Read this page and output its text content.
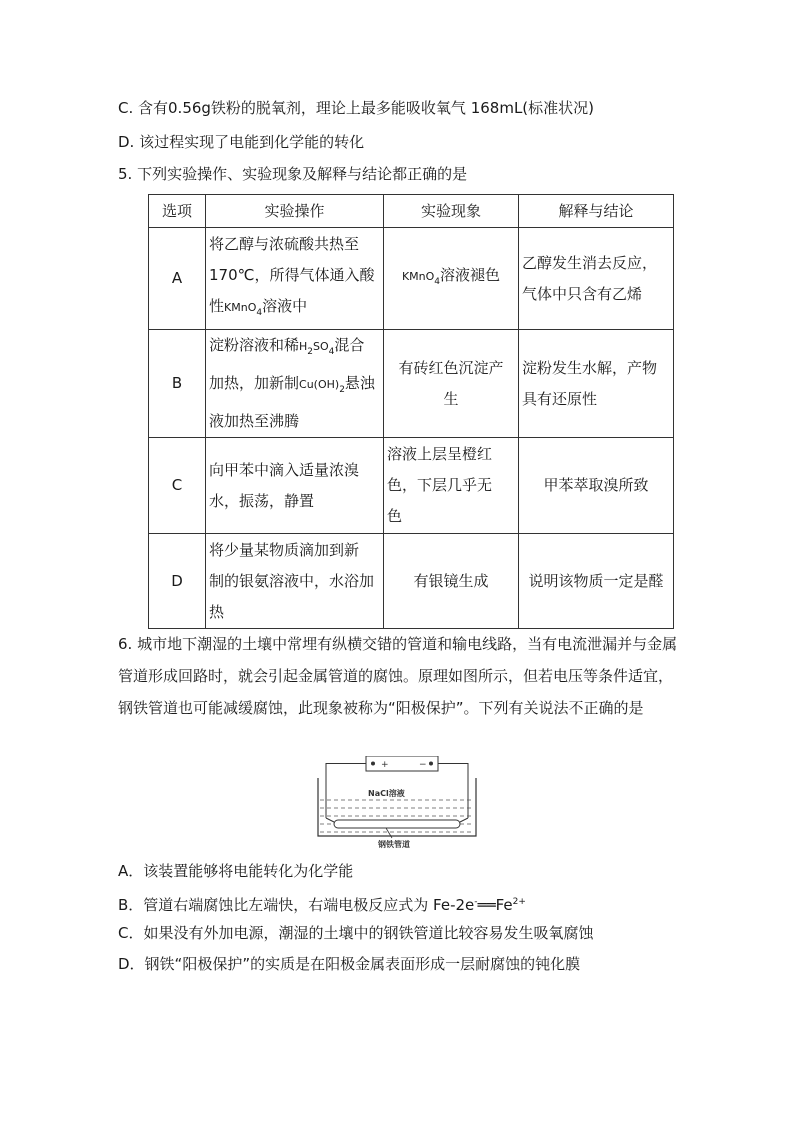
C. 含有0.56g铁粉的脱氧剂，理论上最多能吸收氧气 168mL(标准状况)
D. 该过程实现了电能到化学能的转化
5. 下列实验操作、实验现象及解释与结论都正确的是
选项	实验操作	实验现象	解释与结论
A	将乙醇与浓硫酸共热至
170℃，所得气体通入酸
性KMnO$_4$溶液中	KMnO$_4$溶液褪色	乙醇发生消去反应，
气体中只含有乙烯
B	淀粉溶液和稀$H_2SO_4$混合
加热，加新制$Cu(OH)_2$悬浊
液加热至沸腾	有砖红色沉淀产
生	淀粉发生水解，产物
具有还原性
C	向甲苯中滴入适量浓溴
水，振荡，静置	溶液上层呈橙红
色，下层几乎无
色	甲苯萃取溴所致
D	将少量某物质滴加到新
制的银氨溶液中，水浴加
热	有银镜生成	说明该物质一定是醛
6. 城市地下潮湿的土壤中常埋有纵横交错的管道和输电线路，当有电流泄漏并与金属管道形成回路时，就会引起金属管道的腐蚀。原理如图所示，但若电压等条件适宜，钢铁管道也可能减缓腐蚀，此现象被称为“阳极保护”。下列有关说法不正确的是
+	−
NaCl溶液
钢铁管道
A．该装置能够将电能转化为化学能
B．管道右端腐蚀比左端快，右端电极反应式为 $Fe-2e^-══Fe^{2+}$
C．如果没有外加电源，潮湿的土壤中的钢铁管道比较容易发生吸氧腐蚀
D．钢铁“阳极保护”的实质是在阳极金属表面形成一层耐腐蚀的钝化膜
